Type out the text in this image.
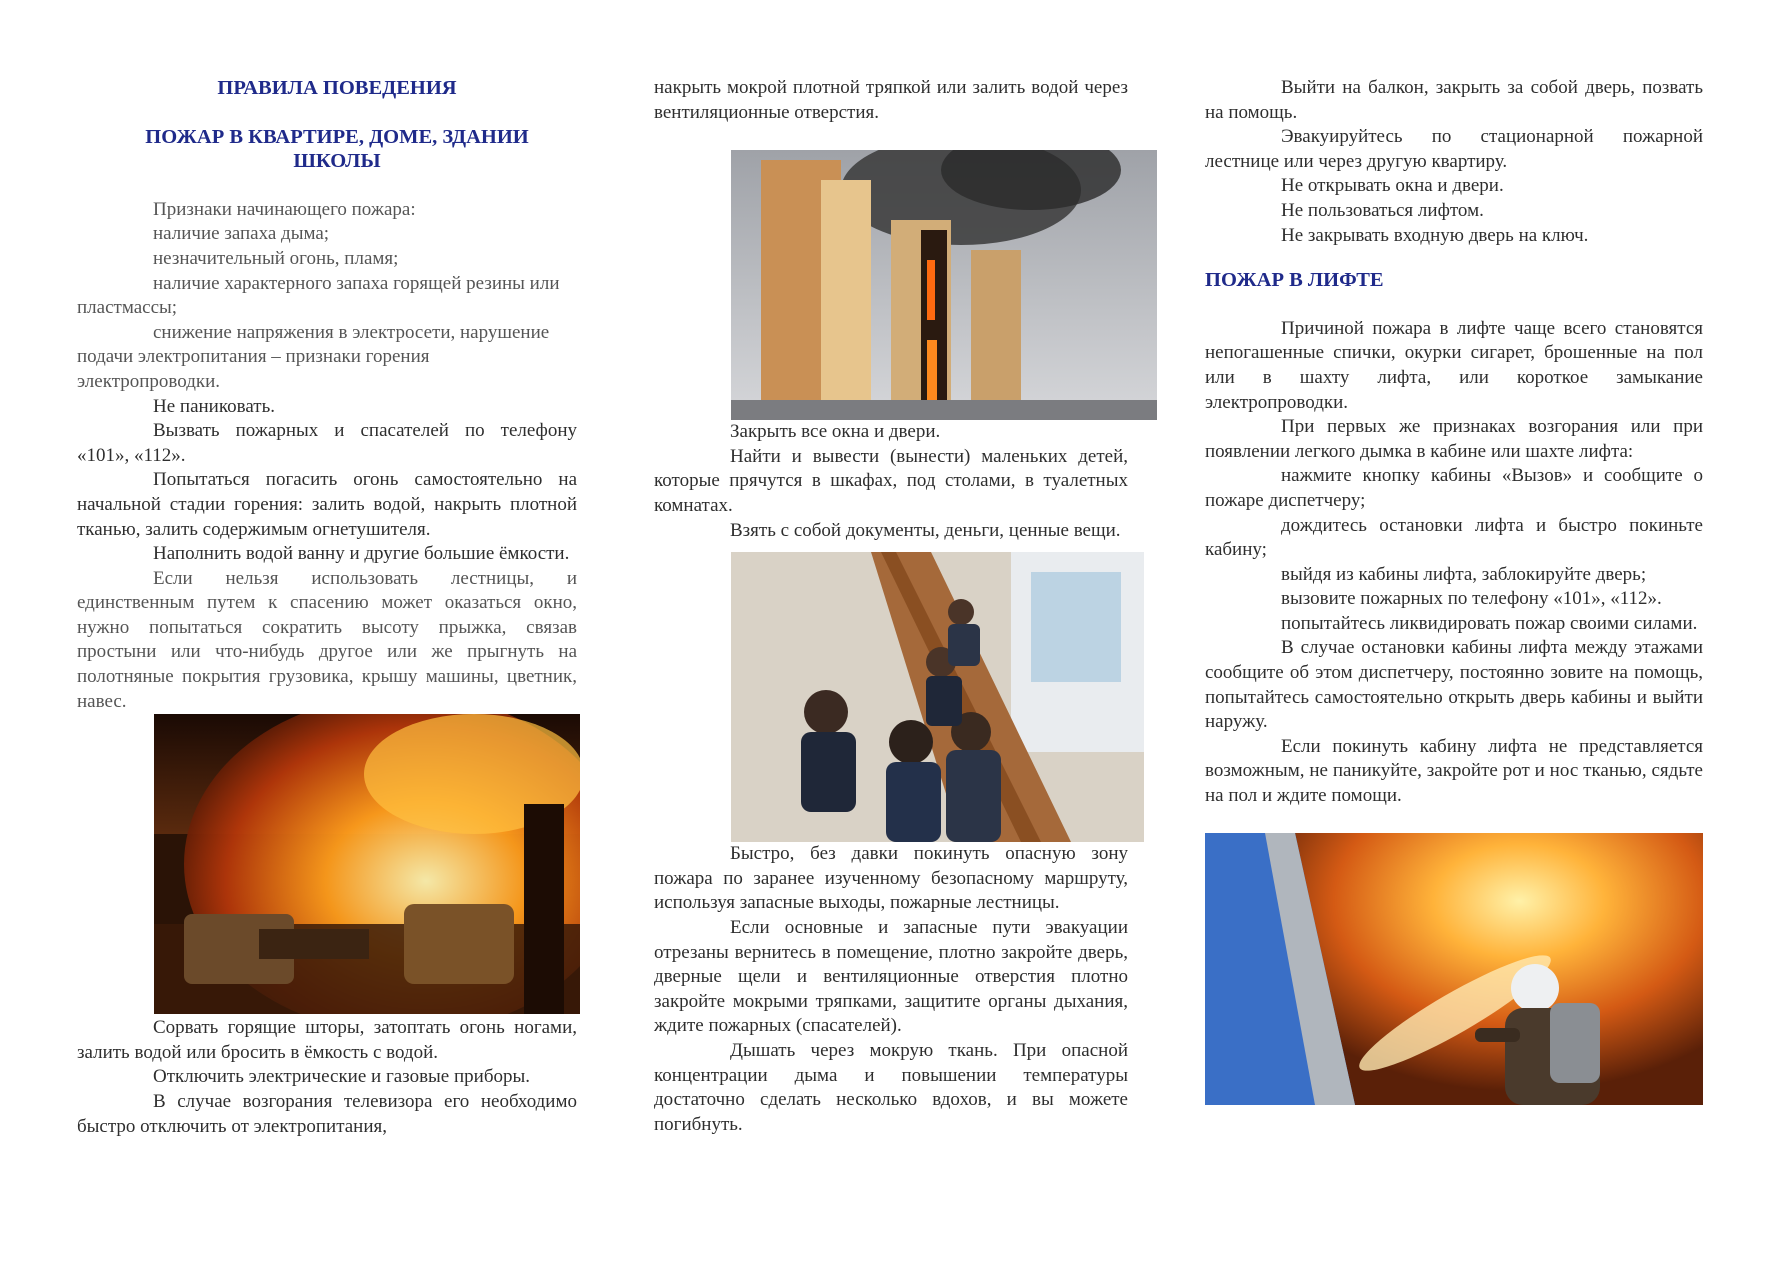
ПРАВИЛА ПОВЕДЕНИЯ
ПОЖАР В КВАРТИРЕ, ДОМЕ, ЗДАНИИ
ШКОЛЫ

Признаки начинающего пожара:

наличие запаха дыма;

незначительный огонь, пламя;

наличие характерного запаха горящей резины или пластмассы;

снижение напряжения в электросети, нарушение подачи электропитания – признаки горения электропроводки.

Не паниковать.

Вызвать пожарных и спасателей по телефону «101», «112».

Попытаться погасить огонь самостоятельно на начальной стадии горения: залить водой, накрыть плотной тканью, залить содержимым огнетушителя.

Наполнить водой ванну и другие большие ёмкости.

Если нельзя использовать лестницы, и единственным путем к спасению может оказаться окно, нужно попытаться сократить высоту прыжка, связав простыни или что-нибудь другое или же прыгнуть на полотняные покрытия грузовика, крышу машины, цветник, навес.

Сорвать горящие шторы, затоптать огонь ногами, залить водой или бросить в ёмкость с водой.

Отключить электрические и газовые приборы.

В случае возгорания телевизора его необходимо быстро отключить от электропитания,

накрыть мокрой плотной тряпкой или залить водой через вентиляционные отверстия.

Закрыть все окна и двери.

Найти и вывести (вынести) маленьких детей, которые прячутся в шкафах, под столами, в туалетных комнатах.

Взять с собой документы, деньги, ценные вещи.

Быстро, без давки покинуть опасную зону пожара по заранее изученному безопасному маршруту, используя запасные выходы, пожарные лестницы.

Если основные и запасные пути эвакуации отрезаны вернитесь в помещение, плотно закройте дверь, дверные щели и вентиляционные отверстия плотно закройте мокрыми тряпками, защитите органы дыхания, ждите пожарных (спасателей).

Дышать через мокрую ткань. При опасной концентрации дыма и повышении температуры достаточно сделать несколько вдохов, и вы можете погибнуть.

Выйти на балкон, закрыть за собой дверь, позвать на помощь.

Эвакуируйтесь по стационарной пожарной лестнице или через другую квартиру.

Не открывать окна и двери.

Не пользоваться лифтом.

Не закрывать входную дверь на ключ.

ПОЖАР В ЛИФТЕ

Причиной пожара в лифте чаще всего становятся непогашенные спички, окурки сигарет, брошенные на пол или в шахту лифта, или короткое замыкание электропроводки.

При первых же признаках возгорания или при появлении легкого дымка в кабине или шахте лифта:

нажмите кнопку кабины «Вызов» и сообщите о пожаре диспетчеру;

дождитесь остановки лифта и быстро покиньте кабину;

выйдя из кабины лифта, заблокируйте дверь;

вызовите пожарных по телефону «101», «112».

попытайтесь ликвидировать пожар своими силами.

В случае остановки кабины лифта между этажами сообщите об этом диспетчеру, постоянно зовите на помощь, попытайтесь самостоятельно открыть дверь кабины и выйти наружу.

Если покинуть кабину лифта не представляется возможным, не паникуйте, закройте рот и нос тканью, сядьте на пол и ждите помощи.
